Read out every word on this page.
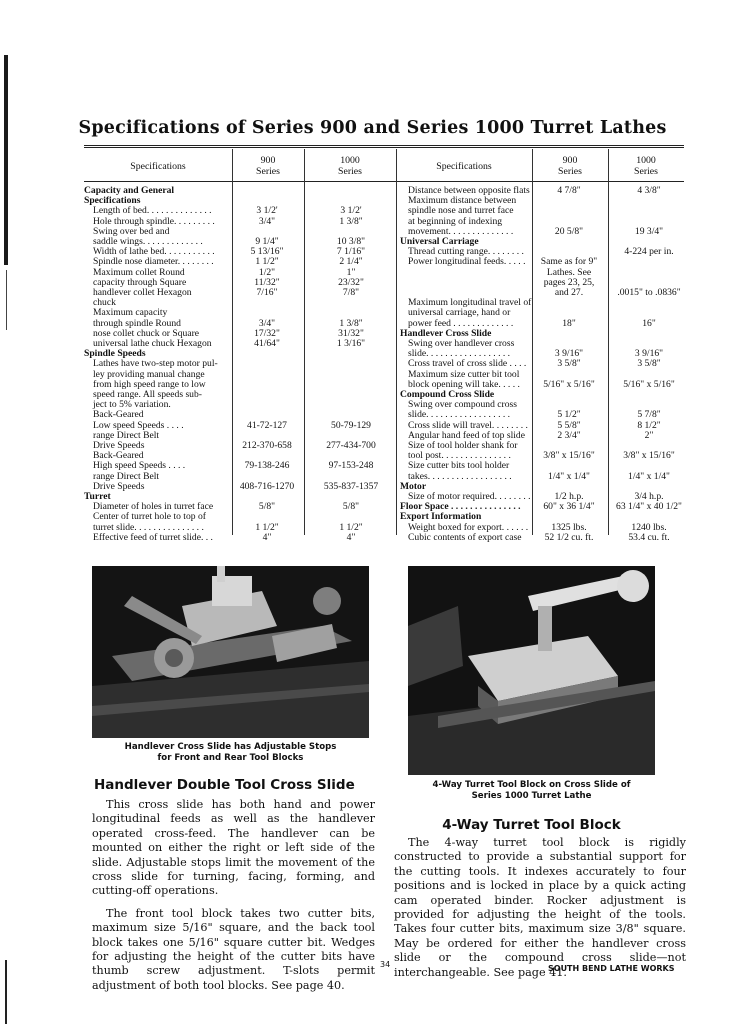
Specifications of Series 900 and Series 1000 Turret Lathes
Specifications
900
Series
1000
Series	Specifications
900
Series
1000
Series
Capacity and General
Specifications
Length of bed. . . . . . . . . . . . . .	3 1/2'	3 1/2'
Hole through spindle. . . . . . . . .	3/4"	1 3/8"
Swing over bed and
saddle wings. . . . . . . . . . . . .	9 1/4"	10 3/8"
Width of lathe bed. . . . . . . . . . .	5 13/16"	7 1/16"
Spindle nose diameter. . . . . . . .	1 1/2"	2 1/4"
Maximum collet Round	1/2"	1"
capacity through Square	11/32"	23/32"
handlever collet Hexagon	7/16"	7/8"
chuck
Maximum capacity
through spindle Round	3/4"	1 3/8"
nose collet chuck or Square	17/32"	31/32"
universal lathe chuck Hexagon	41/64"	1 3/16"
Spindle Speeds
Lathes have two-step motor pul-
ley providing manual change
from high speed range to low
speed range. All speeds sub-
ject to 5% variation.
Back-Geared
Low speed Speeds . . . .	41-72-127	50-79-129
range Direct Belt
Drive Speeds	212-370-658	277-434-700
Back-Geared
High speed Speeds . . . .	79-138-246	97-153-248
range Direct Belt
Drive Speeds	408-716-1270	535-837-1357
Turret
Diameter of holes in turret face	5/8"	5/8"
Center of turret hole to top of
turret slide. . . . . . . . . . . . . . .	1 1/2"	1 1/2"
Effective feed of turret slide. . .	4"	4"
Distance between opposite flats	4 7/8"	4 3/8"
Maximum distance between
spindle nose and turret face
at beginning of indexing
movement. . . . . . . . . . . . . .	20 5/8"	19 3/4"
Universal Carriage
Thread cutting range. . . . . . . .	4-224 per in.
Power longitudinal feeds. . . . .	Same as for 9"
Lathes. See
pages 23, 25,
and 27.	.0015" to .0836"
Maximum longitudinal travel of
universal carriage, hand or
power feed . . . . . . . . . . . . .	18"	16"
Handlever Cross Slide
Swing over handlever cross
slide. . . . . . . . . . . . . . . . . .	3 9/16"	3 9/16"
Cross travel of cross slide . . . .	3 5/8"	3 5/8"
Maximum size cutter bit tool
block opening will take. . . . .	5/16" x 5/16"	5/16" x 5/16"
Compound Cross Slide
Swing over compound cross
slide. . . . . . . . . . . . . . . . . .	5 1/2"	5 7/8"
Cross slide will travel. . . . . . . .	5 5/8"	8 1/2"
Angular hand feed of top slide	2 3/4"	2"
Size of tool holder shank for
tool post. . . . . . . . . . . . . . .	3/8" x 15/16"	3/8" x 15/16"
Size cutter bits tool holder
takes. . . . . . . . . . . . . . . . . .	1/4" x 1/4"	1/4" x 1/4"
Motor
Size of motor required. . . . . . . .	1/2 h.p.	3/4 h.p.
Floor Space . . . . . . . . . . . . . . .	60" x 36 1/4"	63 1/4" x 40 1/2"
Export Information
Weight boxed for export. . . . . .	1325 lbs.	1240 lbs.
Cubic contents of export case	52 1/2 cu. ft.	53.4 cu. ft.
Handlever Cross Slide has Adjustable Stops
for Front and Rear Tool Blocks
4-Way Turret Tool Block on Cross Slide of
Series 1000 Turret Lathe
Handlever Double Tool Cross Slide

This cross slide has both hand and power longitudinal feeds as well as the handlever operated cross-feed. The handlever can be mounted on either the right or left side of the slide. Adjustable stops limit the movement of the cross slide for turning, facing, forming, and cutting-off operations.

The front tool block takes two cutter bits, maximum size 5/16" square, and the back tool block takes one 5/16" square cutter bit. Wedges for adjusting the height of the cutter bits have thumb screw adjustment. T-slots permit adjustment of both tool blocks. See page 40.

4-Way Turret Tool Block

The 4-way turret tool block is rigidly constructed to provide a substantial support for the cutting tools. It indexes accurately to four positions and is locked in place by a quick acting cam operated binder. Rocker adjustment is provided for adjusting the height of the tools. Takes four cutter bits, maximum size 3/8" square. May be ordered for either the handlever cross slide or the compound cross slide—not interchangeable. See page 41.

34	SOUTH BEND LATHE WORKS
